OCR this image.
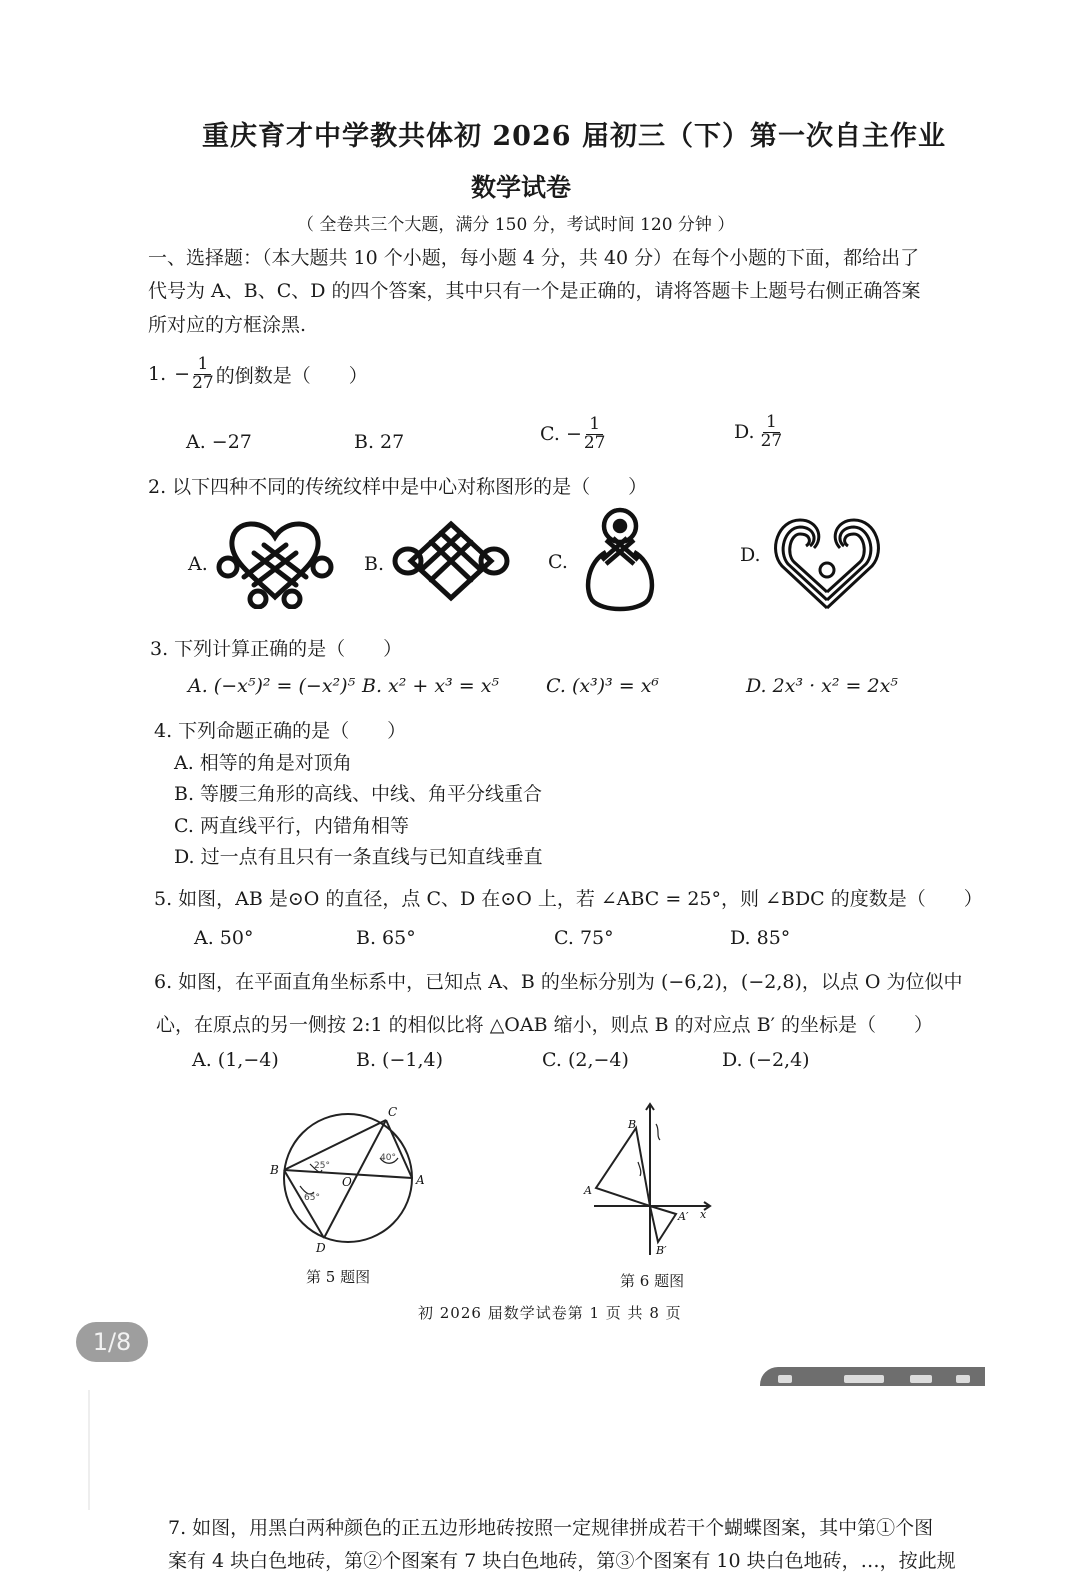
重庆育才中学教共体初 2026 届初三（下）第一次自主作业
数学试卷
（ 全卷共三个大题，满分 150 分，考试时间 120 分钟 ）
一、选择题：（本大题共 10 个小题，每小题 4 分，共 40 分）在每个小题的下面，都给出了
代号为 A、B、C、D 的四个答案，其中只有一个是正确的，请将答题卡上题号右侧正确答案
所对应的方框涂黑.
1. − $\frac{1}{27}$ 的倒数是（　　）
A. −27	B. 27	C. − $\frac{1}{27}$	D. $\frac{1}{27}$
2. 以下四种不同的传统纹样中是中心对称图形的是（　　）
A.	B.	C.	D.
3. 下列计算正确的是（　　）
A. (−x⁵)² = (−x²)⁵ B. x² + x³ = x⁵ C. (x³)³ = x⁶	D. 2x³ · x² = 2x⁵
4. 下列命题正确的是（　　）
A. 相等的角是对顶角
B. 等腰三角形的高线、中线、角平分线重合
C. 两直线平行，内错角相等
D. 过一点有且只有一条直线与已知直线垂直
5. 如图，AB 是⊙O 的直径，点 C、D 在⊙O 上，若 ∠ABC = 25°，则 ∠BDC 的度数是（　　）
A. 50°	B. 65°	C. 75°	D. 85°
6. 如图，在平面直角坐标系中，已知点 A、B 的坐标分别为 (−6,2)，(−2,8)，以点 O 为位似中
心，在原点的另一侧按 2:1 的相似比将 △OAB 缩小，则点 B 的对应点 B′ 的坐标是（　　）
A. (1,−4)	B. (−1,4)	C. (2,−4)	D. (−2,4)
B
A
C
D
O
25°
65°
40°
第 5 题图
B
A
A′
B′
x
第 6 题图
初 2026 届数学试卷第 1 页 共 8 页
1/8
7. 如图，用黑白两种颜色的正五边形地砖按照一定规律拼成若干个蝴蝶图案，其中第①个图
案有 4 块白色地砖，第②个图案有 7 块白色地砖，第③个图案有 10 块白色地砖，…，按此规
